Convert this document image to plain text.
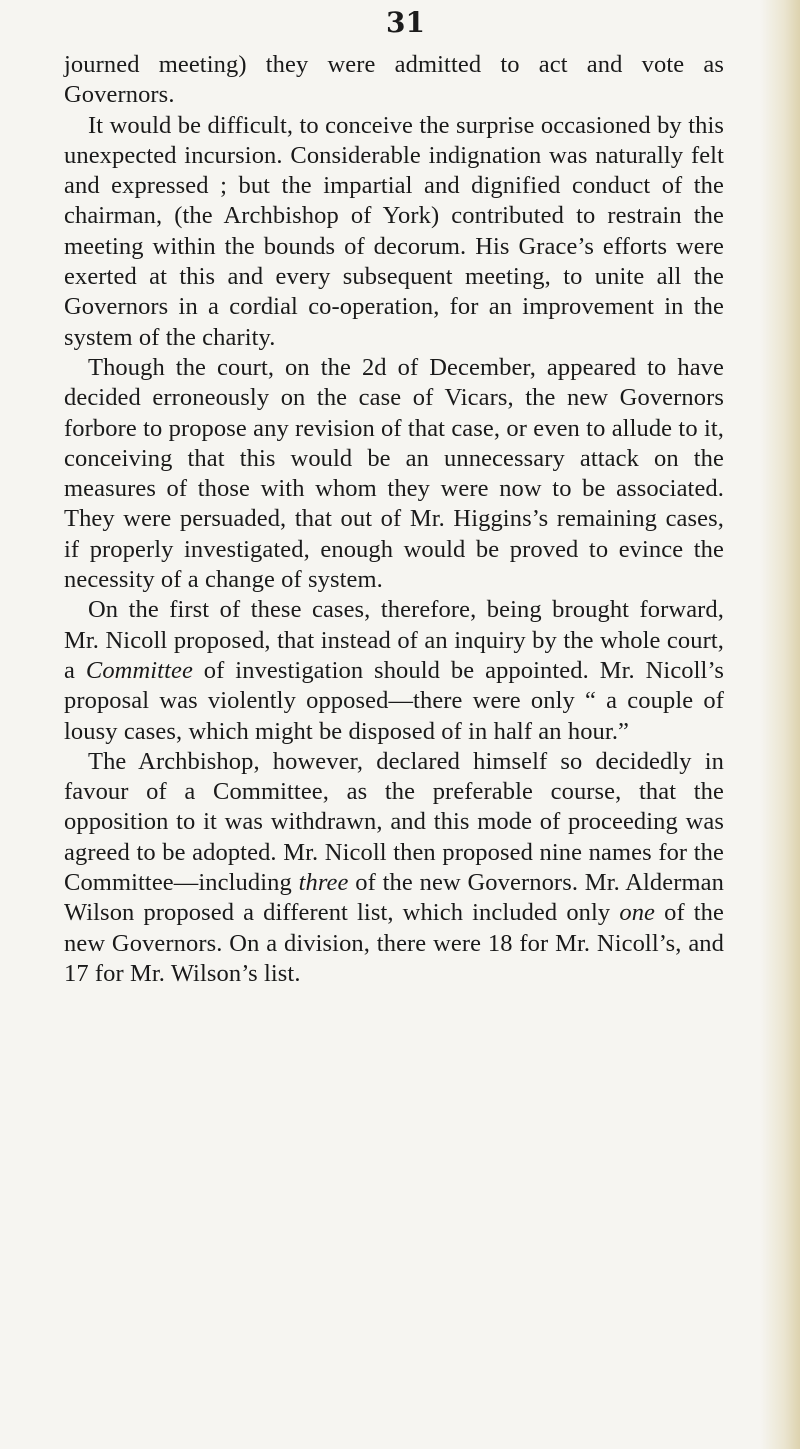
31

journed meeting) they were admitted to act and vote as Governors.

It would be difficult, to conceive the surprise occasioned by this unexpected incursion. Considerable indignation was naturally felt and expressed ; but the impartial and dignified conduct of the chairman, (the Archbishop of York) contributed to restrain the meeting within the bounds of decorum. His Grace’s efforts were exerted at this and every subsequent meeting, to unite all the Governors in a cordial co-operation, for an improvement in the system of the charity.

Though the court, on the 2d of December, appeared to have decided erroneously on the case of Vicars, the new Governors forbore to propose any revision of that case, or even to allude to it, conceiving that this would be an unnecessary attack on the measures of those with whom they were now to be associated. They were persuaded, that out of Mr. Higgins’s remaining cases, if properly investigated, enough would be proved to evince the necessity of a change of system.

On the first of these cases, therefore, being brought forward, Mr. Nicoll proposed, that instead of an inquiry by the whole court, a Committee of investigation should be appointed. Mr. Nicoll’s proposal was violently opposed—there were only “ a couple of lousy cases, which might be disposed of in half an hour.”

The Archbishop, however, declared himself so decidedly in favour of a Committee, as the preferable course, that the opposition to it was withdrawn, and this mode of proceeding was agreed to be adopted. Mr. Nicoll then proposed nine names for the Committee—including three of the new Governors. Mr. Alderman Wilson proposed a different list, which included only one of the new Governors. On a division, there were 18 for Mr. Nicoll’s, and 17 for Mr. Wilson’s list.
